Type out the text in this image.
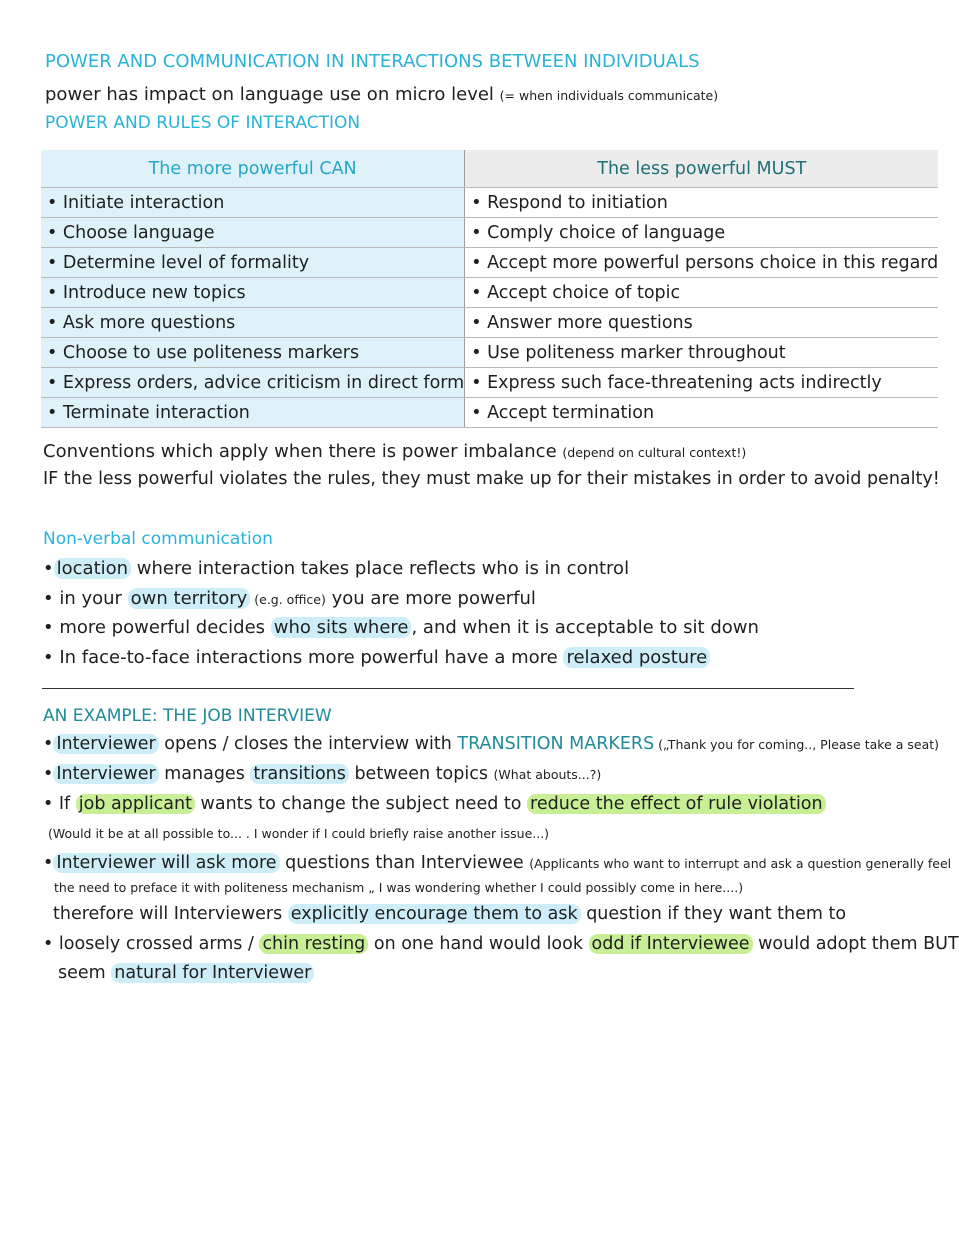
POWER AND COMMUNICATION IN INTERACTIONS BETWEEN INDIVIDUALS
power has impact on language use on micro level (= when individuals communicate)
POWER AND RULES OF INTERACTION
The more powerful CAN	The less powerful MUST
• Initiate interaction	• Respond to initiation
• Choose language	• Comply choice of language
• Determine level of formality	• Accept more powerful persons choice in this regard
• Introduce new topics	• Accept choice of topic
• Ask more questions	• Answer more questions
• Choose to use politeness markers	• Use politeness marker throughout
• Express orders, advice criticism in direct form	• Express such face-threatening acts indirectly
• Terminate interaction	• Accept termination
Conventions which apply when there is power imbalance (depend on cultural context!)
IF the less powerful violates the rules, they must make up for their mistakes in order to avoid penalty!
Non-verbal communication
• location where interaction takes place reflects who is in control
• in your own territory (e.g. office) you are more powerful
• more powerful decides who sits where , and when it is acceptable to sit down
• In face-to-face interactions more powerful have a more relaxed posture
AN EXAMPLE: THE JOB INTERVIEW
• Interviewer opens / closes the interview with TRANSITION MARKERS („Thank you for coming.., Please take a seat)
• Interviewer manages transitions between topics (What abouts...?)
• If job applicant wants to change the subject need to reduce the effect of rule violation
(Would it be at all possible to... . I wonder if I could briefly raise another issue...)
• Interviewer will ask more questions than Interviewee (Applicants who want to interrupt and ask a question generally feel
the need to preface it with politeness mechanism „ I was wondering whether I could possibly come in here....)
therefore will Interviewers explicitly encourage them to ask question if they want them to
• loosely crossed arms / chin resting on one hand would look odd if Interviewee would adopt them BUT
seem natural for Interviewer
